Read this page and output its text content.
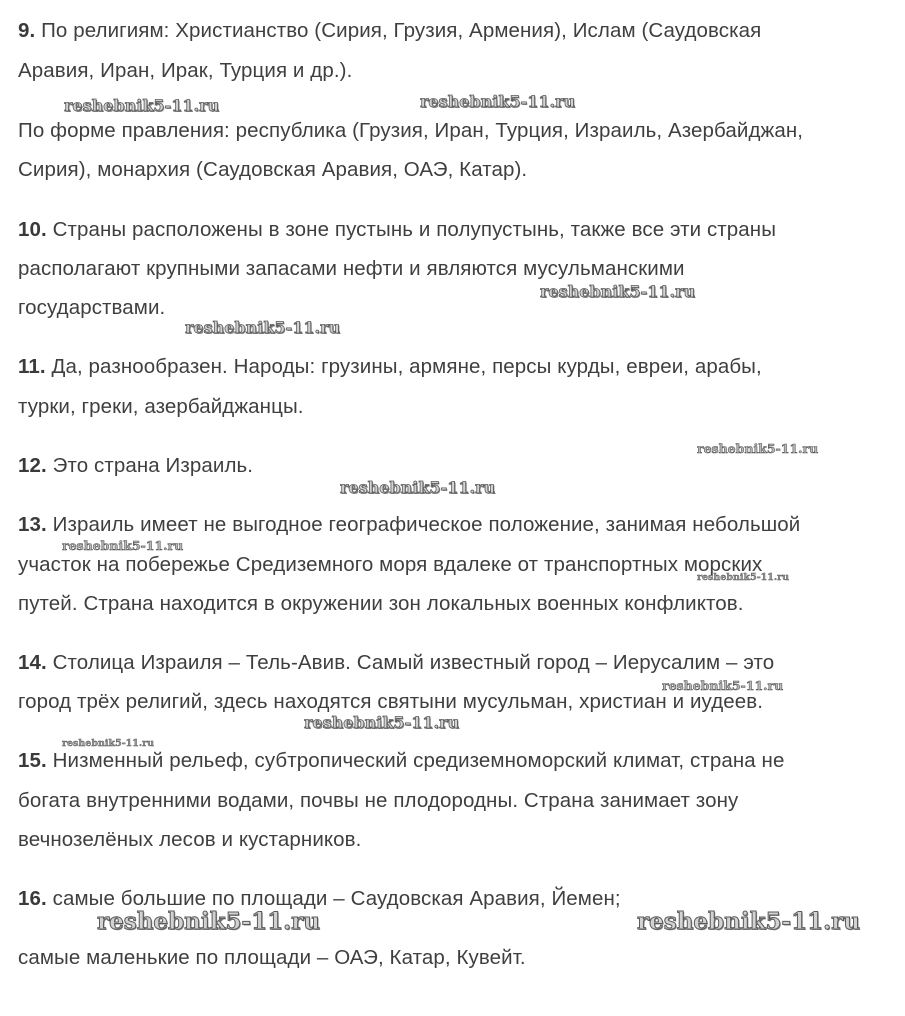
9. По религиям: Христианство (Сирия, Грузия, Армения), Ислам (Саудовская
Аравия, Иран, Ирак, Турция и др.).
По форме правления: республика (Грузия, Иран, Турция, Израиль, Азербайджан,
Сирия), монархия (Саудовская Аравия, ОАЭ, Катар).
10. Страны расположены в зоне пустынь и полупустынь, также все эти страны
располагают крупными запасами нефти и являются мусульманскими
государствами.
11. Да, разнообразен. Народы: грузины, армяне, персы курды, евреи, арабы,
турки, греки, азербайджанцы.
12. Это страна Израиль.
13. Израиль имеет не выгодное географическое положение, занимая небольшой
участок на побережье Средиземного моря вдалеке от транспортных морских
путей. Страна находится в окружении зон локальных военных конфликтов.
14. Столица Израиля – Тель-Авив. Самый известный город – Иерусалим – это
город трёх религий, здесь находятся святыни мусульман, христиан и иудеев.
15. Низменный рельеф, субтропический средиземноморский климат, страна не
богата внутренними водами, почвы не плодородны. Страна занимает зону
вечнозелёных лесов и кустарников.
16. самые большие по площади – Саудовская Аравия, Йемен;
самые маленькие по площади – ОАЭ, Катар, Кувейт.
reshebnik5-11.ru	reshebnik5-11.ru
reshebnik5-11.ru
reshebnik5-11.ru
reshebnik5-11.ru
reshebnik5-11.ru
reshebnik5-11.ru
reshebnik5-11.ru
reshebnik5-11.ru
reshebnik5-11.ru
reshebnik5-11.ru
reshebnik5-11.ru	reshebnik5-11.ru
